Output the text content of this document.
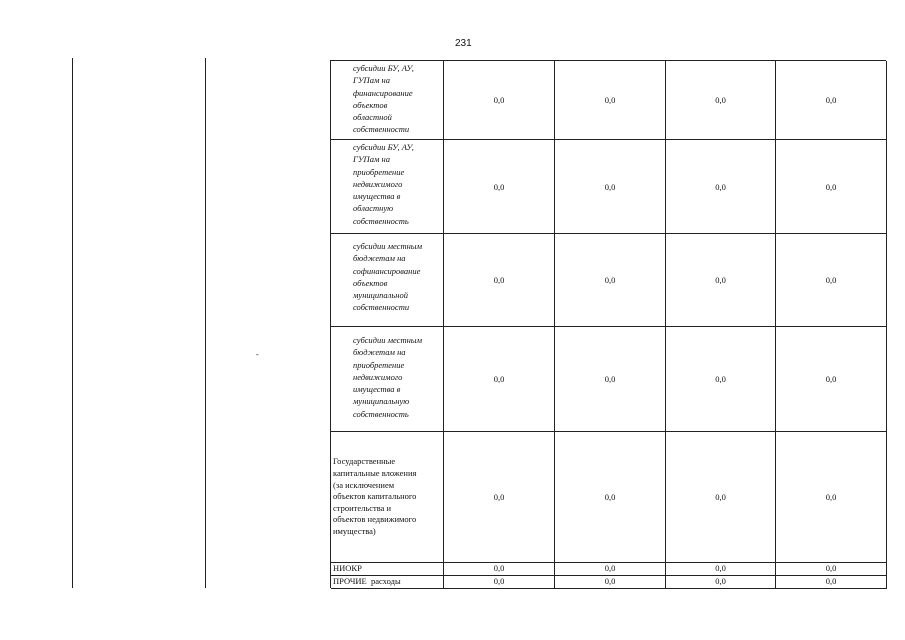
231
-
субсидии БУ, АУ,
ГУПам на
финансирование
объектов
областной
собственности
0,0	0,0	0,0	0,0
субсидии БУ, АУ,
ГУПам на
приобретение
недвижимого
имущества в
областную
собственность
0,0	0,0	0,0	0,0
субсидии местным
бюджетам на
софинансирование
объектов
муниципальной
собственности
0,0	0,0	0,0	0,0
субсидии местным
бюджетам на
приобретение
недвижимого
имущества в
муниципальную
собственность
0,0	0,0	0,0	0,0
Государственные
капитальные вложения
(за исключением
объектов капитального
строительства и
объектов недвижимого
имущества)
0,0	0,0	0,0	0,0
НИОКР	0,0	0,0	0,0	0,0
ПРОЧИЕ  расходы	0,0	0,0	0,0	0,0
